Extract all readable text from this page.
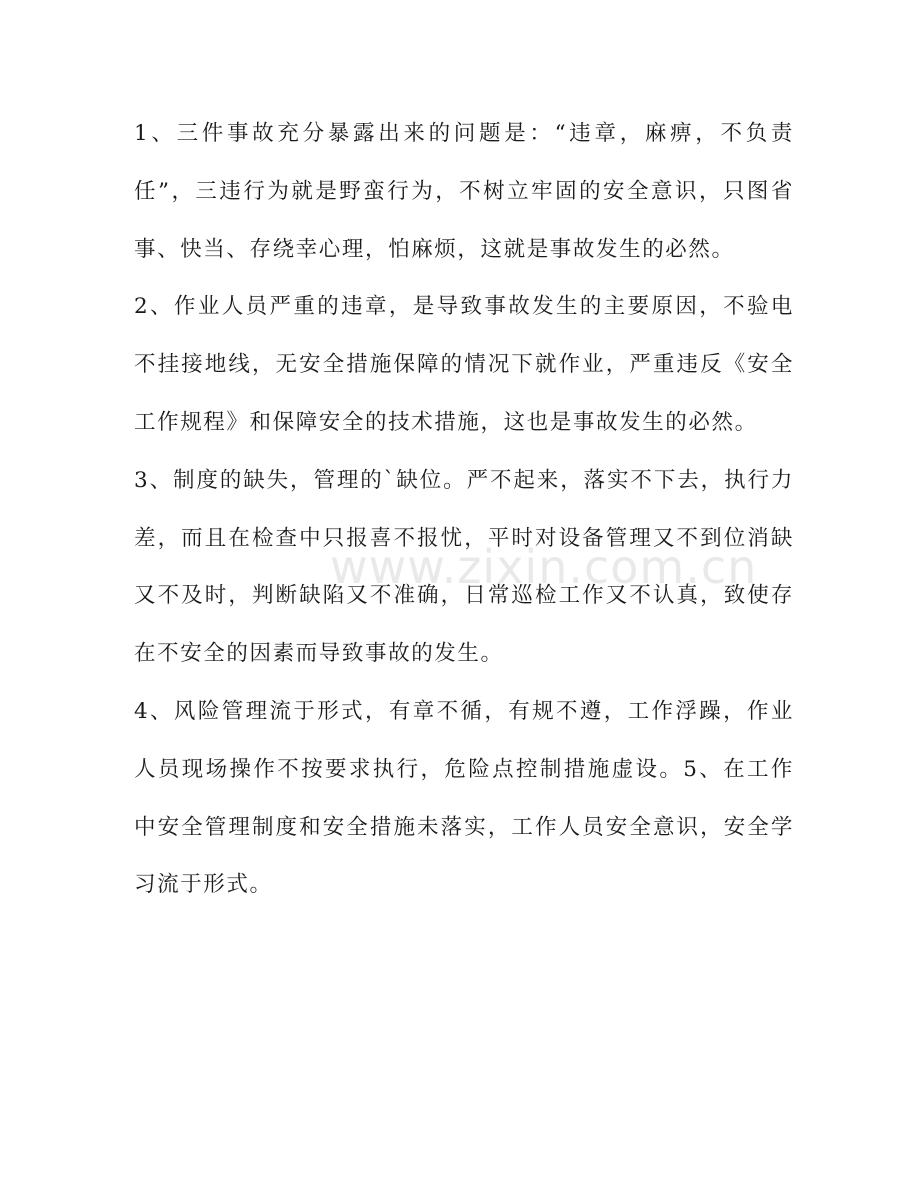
www.zixin.com.cn

1、三件事故充分暴露出来的问题是：“违章，麻痹，不负责任”，三违行为就是野蛮行为，不树立牢固的安全意识，只图省事、快当、存绕幸心理，怕麻烦，这就是事故发生的必然。

2、作业人员严重的违章，是导致事故发生的主要原因，不验电不挂接地线，无安全措施保障的情况下就作业，严重违反《安全工作规程》和保障安全的技术措施，这也是事故发生的必然。

3、制度的缺失，管理的`缺位。严不起来，落实不下去，执行力差，而且在检查中只报喜不报忧，平时对设备管理又不到位消缺又不及时，判断缺陷又不准确，日常巡检工作又不认真，致使存在不安全的因素而导致事故的发生。

4、风险管理流于形式，有章不循，有规不遵，工作浮躁，作业人员现场操作不按要求执行，危险点控制措施虚设。5、在工作中安全管理制度和安全措施未落实，工作人员安全意识，安全学习流于形式。
